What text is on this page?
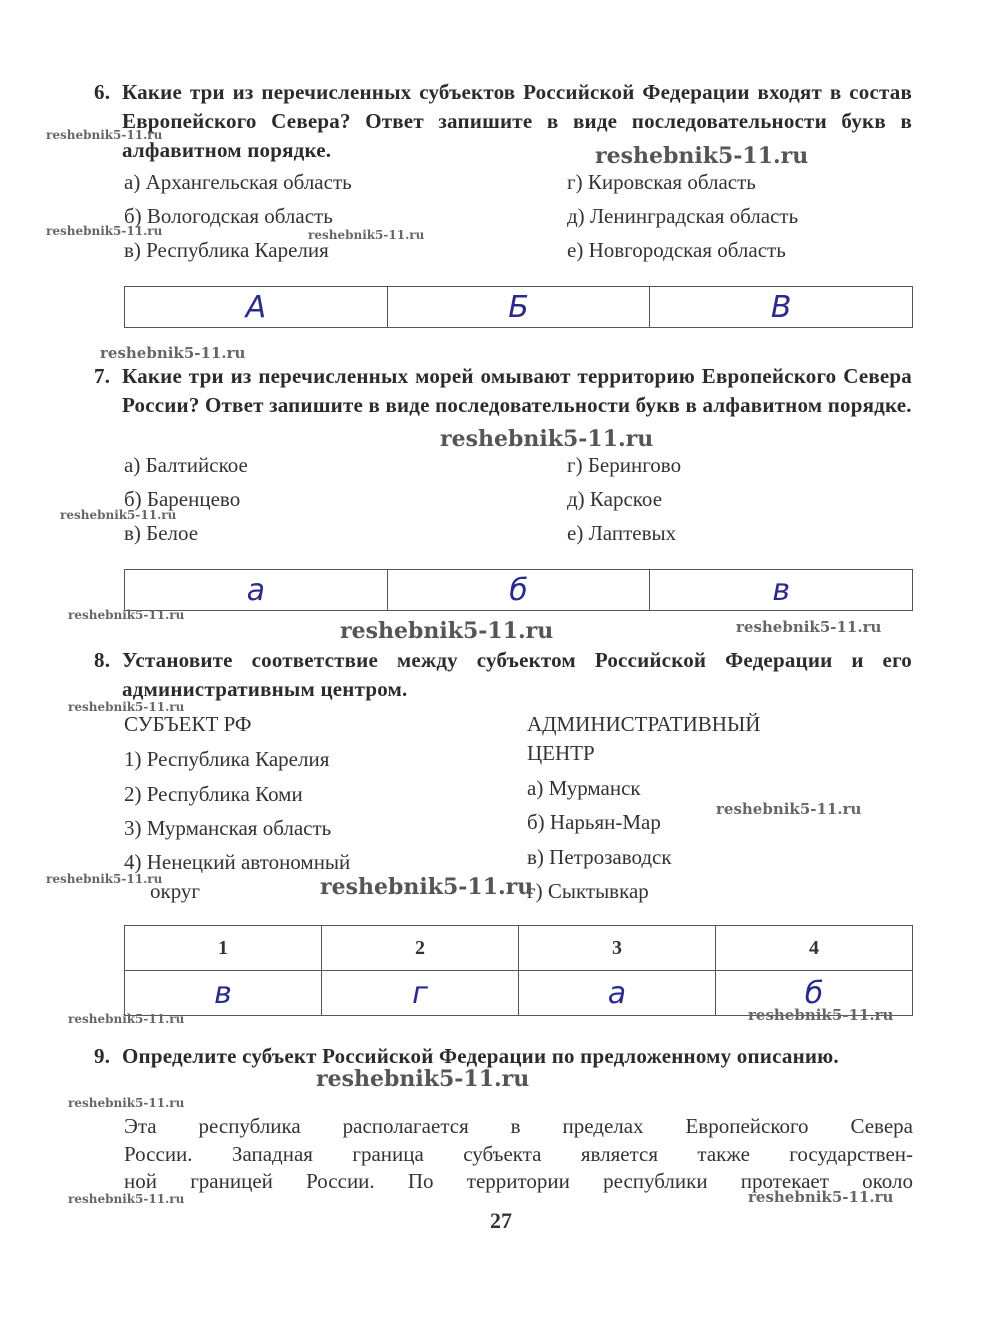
6. Какие три из перечисленных субъектов Российской Федерации входят в состав Европейского Севера? Ответ запишите в виде последовательности букв в алфавитном порядке.
reshebnik5-11.ru
reshebnik5-11.ru
а) Архангельская область
б) Вологодская область
в) Республика Карелия
г) Кировская область
д) Ленинградская область
е) Новгородская область
reshebnik5-11.ru	reshebnik5-11.ru
А	Б	В
reshebnik5-11.ru
7. Какие три из перечисленных морей омывают территорию Европейского Севера России? Ответ запишите в виде последовательности букв в алфавитном порядке.
reshebnik5-11.ru
а) Балтийское
б) Баренцево
в) Белое
г) Берингово
д) Карское
е) Лаптевых
reshebnik5-11.ru
а	б	в
reshebnik5-11.ru
reshebnik5-11.ru	reshebnik5-11.ru
8. Установите соответствие между субъектом Российской Федерации и его административным центром.
reshebnik5-11.ru
СУБЪЕКТ РФ
1) Республика Карелия
2) Республика Коми
3) Мурманская область
4) Ненецкий автономный
округ
АДМИНИСТРАТИВНЫЙ
ЦЕНТР
а) Мурманск
б) Нарьян-Мар
в) Петрозаводск
г) Сыктывкар
reshebnik5-11.ru
reshebnik5-11.ru	reshebnik5-11.ru
1	2	3	4
в	г	а	б
reshebnik5-11.ru	reshebnik5-11.ru
9. Определите субъект Российской Федерации по предложенному описанию.
reshebnik5-11.ru
reshebnik5-11.ru
Эта республика располагается в пределах Европейского Севера
России. Западная граница субъекта является также государствен-
ной границей России. По территории республики протекает около
reshebnik5-11.ru	reshebnik5-11.ru
27
